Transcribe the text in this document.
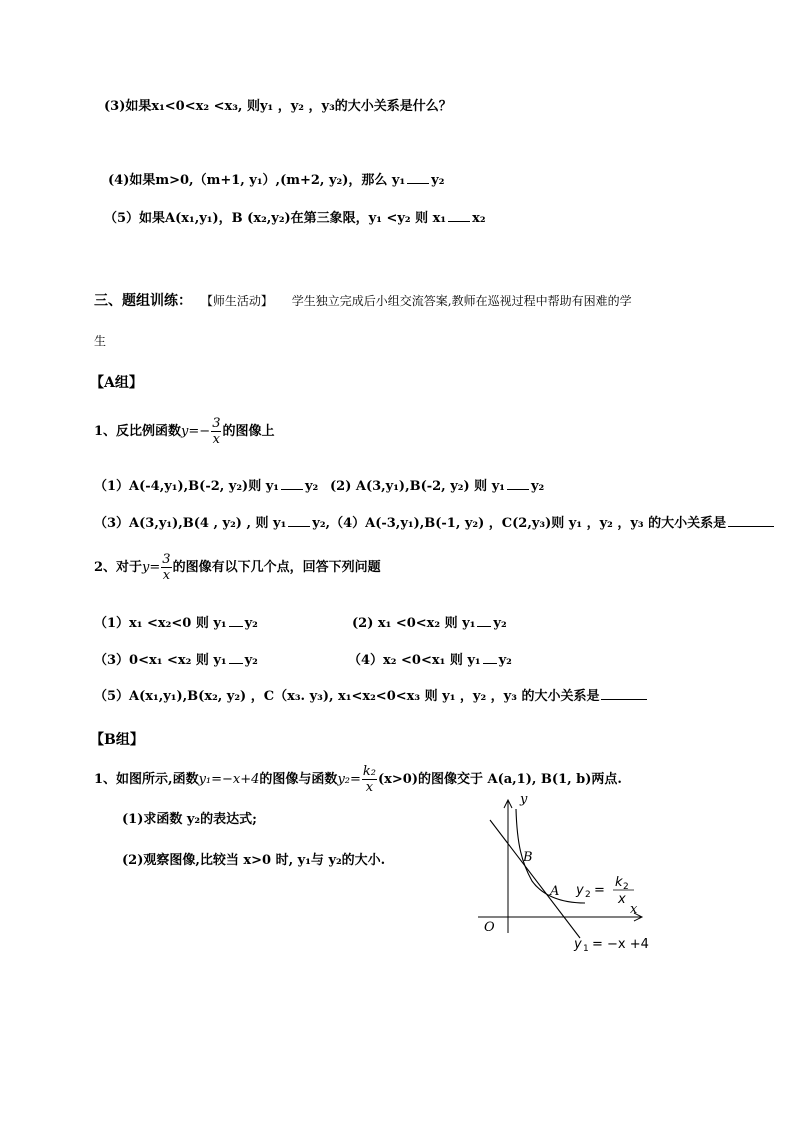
(3)如果x₁<0<x₂ <x₃, 则y₁ ，y₂ ，y₃的大小关系是什么？
(4)如果m>0,（m+1, y₁）,(m+2, y₂)，那么 y₁ y₂
（5）如果A(x₁,y₁)，B (x₂,y₂)在第三象限，y₁ <y₂ 则 x₁ x₂
三、题组训练： 【师生活动】 学生独立完成后小组交流答案,教师在巡视过程中帮助有困难的学
生
【A组】
1、反比例函数$y=- \frac{3}{x}$ 的图像上
（1）A(-4,y₁),B(-2, y₂)则 y₁ y₂ (2) A(3,y₁),B(-2, y₂) 则 y₁ y₂
（3）A(3,y₁),B(4 , y₂) , 则 y₁ y₂,（4）A(-3,y₁),B(-1, y₂) ，C(2,y₃)则 y₁ ，y₂ ，y₃ 的大小关系是
2、对于$y= \frac{3}{x}$ 的图像有以下几个点，回答下列问题
（1）x₁ <x₂<0 则 y₁ y₂	(2) x₁ <0<x₂ 则 y₁ y₂
（3）0<x₁ <x₂ 则 y₁ y₂	（4）x₂ <0<x₁ 则 y₁ y₂
（5）A(x₁,y₁),B(x₂, y₂) ，C（x₃. y₃), x₁<x₂<0<x₃ 则 y₁ ，y₂ ，y₃ 的大小关系是
【B组】
1、如图所示,函数y₁=−x+4的图像与函数$y_2= \frac{\text{k₂}}{x} (x>0)$的图像交于 A(a,1), B(1, b)两点.
(1)求函数 y₂的表达式;
(2)观察图像,比较当 x>0 时, y₁与 y₂的大小.
y
x
O
B
A y 2 =
k 2
x
y 1 = −x +4
